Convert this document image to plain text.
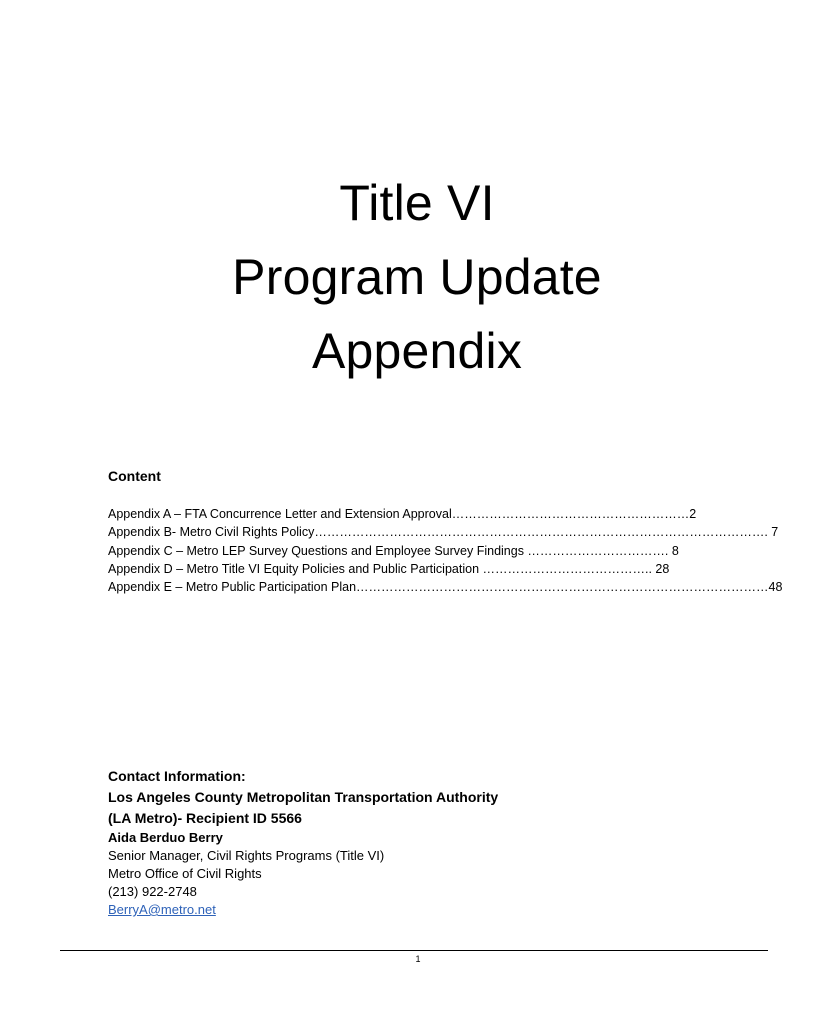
Title VI

Program Update

Appendix

Content
Appendix A – FTA Concurrence Letter and Extension Approval…………………………………………………2
Appendix B- Metro Civil Rights Policy………………………………………………………………………………………………. 7
Appendix C – Metro LEP Survey Questions and Employee Survey Findings ……………………………. 8
Appendix D – Metro Title VI Equity Policies and Public Participation ………………………………….. 28
Appendix E – Metro Public Participation Plan………………………………………………………………………………………48
Contact Information:
Los Angeles County Metropolitan Transportation Authority
(LA Metro)- Recipient ID 5566
Aida Berduo Berry
Senior Manager, Civil Rights Programs (Title VI)
Metro Office of Civil Rights
(213) 922-2748
BerryA@metro.net
1
